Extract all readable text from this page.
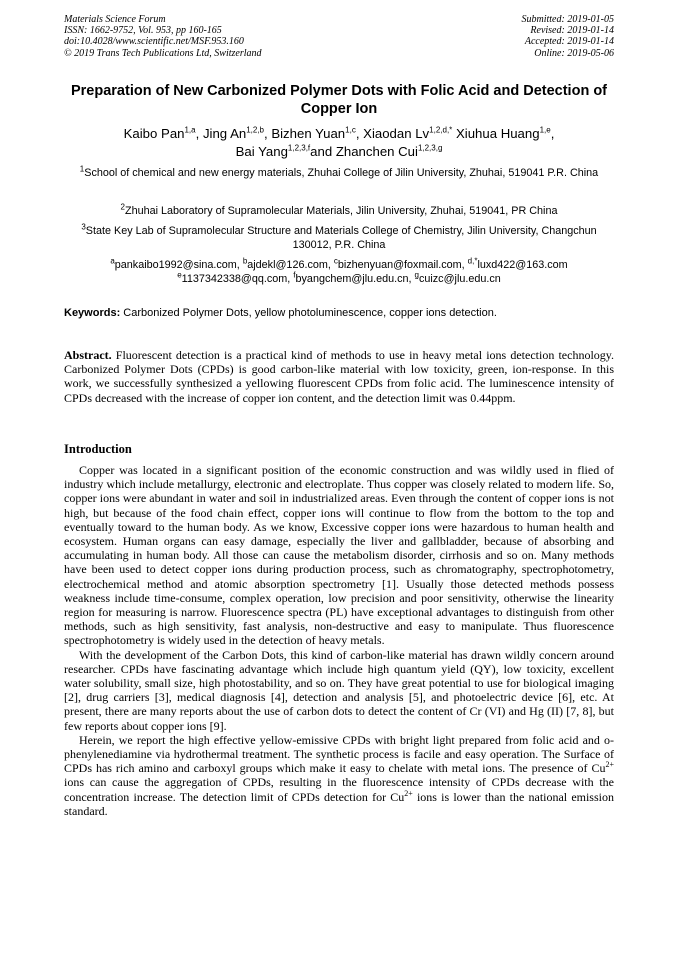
Materials Science Forum
ISSN: 1662-9752, Vol. 953, pp 160-165
doi:10.4028/www.scientific.net/MSF.953.160
© 2019 Trans Tech Publications Ltd, Switzerland
Submitted: 2019-01-05
Revised: 2019-01-14
Accepted: 2019-01-14
Online: 2019-05-06
Preparation of New Carbonized Polymer Dots with Folic Acid and Detection of Copper Ion
Kaibo Pan$^{1,a}$, Jing An$^{1,2,b}$, Bizhen Yuan$^{1,c}$, Xiaodan $Lv^{1,2,d,*}$ Xiuhua Huang$^{1,e}$,
Bai Yang$^{1,2,3,f}$and Zhanchen Cui$^{1,2,3,g}$
$^1$School of chemical and new energy materials, Zhuhai College of Jilin University, Zhuhai, 519041 P.R. China
$^2$Zhuhai Laboratory of Supramolecular Materials, Jilin University, Zhuhai, 519041, PR China
$^3$State Key Lab of Supramolecular Structure and Materials College of Chemistry, Jilin University, Changchun 130012, P.R. China
$^a$pankaibo1992@sina.com, $^b$ajdekl@126.com, $^c$bizhenyuan@foxmail.com, $^{d,*}$luxd422@163.com
$^e$1137342338@qq.com, $^f$byangchem@jlu.edu.cn, $^g$cuizc@jlu.edu.cn
Keywords: Carbonized Polymer Dots, yellow photoluminescence, copper ions detection.
Abstract. Fluorescent detection is a practical kind of methods to use in heavy metal ions detection technology. Carbonized Polymer Dots (CPDs) is good carbon-like material with low toxicity, green, ion-response. In this work, we successfully synthesized a yellowing fluorescent CPDs from folic acid. The luminescence intensity of CPDs decreased with the increase of copper ion content, and the detection limit was 0.44ppm.
Introduction

Copper was located in a significant position of the economic construction and was wildly used in flied of industry which include metallurgy, electronic and electroplate. Thus copper was closely related to modern life. So, copper ions were abundant in water and soil in industrialized areas. Even through the content of copper ions is not high, but because of the food chain effect, copper ions will continue to flow from the bottom to the top and eventually toward to the human body. As we know, Excessive copper ions were hazardous to human health and ecosystem. Human organs can easy damage, especially the liver and gallbladder, because of absorbing and accumulating in human body. All those can cause the metabolism disorder, cirrhosis and so on. Many methods have been used to detect copper ions during production process, such as chromatography, spectrophotometry, electrochemical method and atomic absorption spectrometry [1]. Usually those detected methods possess weakness include time-consume, complex operation, low precision and poor sensitivity, otherwise the linearity region for measuring is narrow. Fluorescence spectra (PL) have exceptional advantages to distinguish from other methods, such as high sensitivity, fast analysis, non-destructive and easy to manipulate. Thus fluorescence spectrophotometry is widely used in the detection of heavy metals.

With the development of the Carbon Dots, this kind of carbon-like material has drawn wildly concern around researcher. CPDs have fascinating advantage which include high quantum yield (QY), low toxicity, excellent water solubility, small size, high photostability, and so on. They have great potential to use for biological imaging [2], drug carriers [3], medical diagnosis [4], detection and analysis [5], and photoelectric device [6], etc. At present, there are many reports about the use of carbon dots to detect the content of Cr (VI) and Hg (II) [7, 8], but few reports about copper ions [9].

Herein, we report the high effective yellow-emissive CPDs with bright light prepared from folic acid and o-phenylenediamine via hydrothermal treatment. The synthetic process is facile and easy operation. The Surface of CPDs has rich amino and carboxyl groups which make it easy to chelate with metal ions. The presence of $Cu^{2+}$ ions can cause the aggregation of CPDs, resulting in the fluorescence intensity of CPDs decrease with the concentration increase. The detection limit of CPDs detection for $Cu^{2+}$ ions is lower than the national emission standard.
